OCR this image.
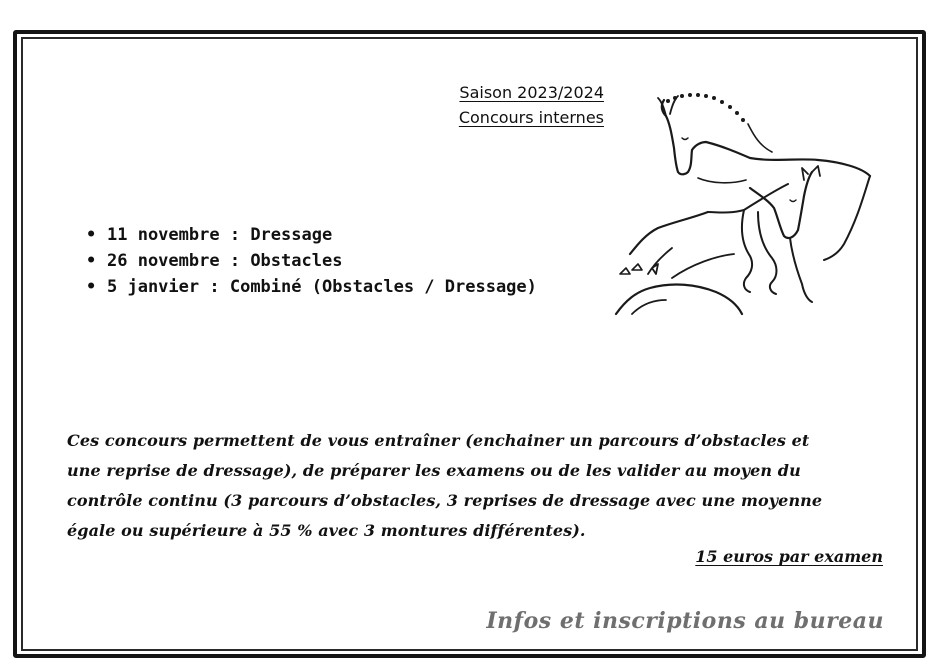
Saison 2023/2024
Concours internes
• 11 novembre : Dressage
• 26 novembre : Obstacles
• 5 janvier : Combiné (Obstacles / Dressage)

Ces concours permettent de vous entraîner (enchainer un parcours d’obstacles et une reprise de dressage), de préparer les examens ou de les valider au moyen du contrôle continu (3 parcours d’obstacles, 3 reprises de dressage avec une moyenne égale ou supérieure à 55 % avec 3 montures différentes).

15 euros par examen
Infos et inscriptions au bureau
